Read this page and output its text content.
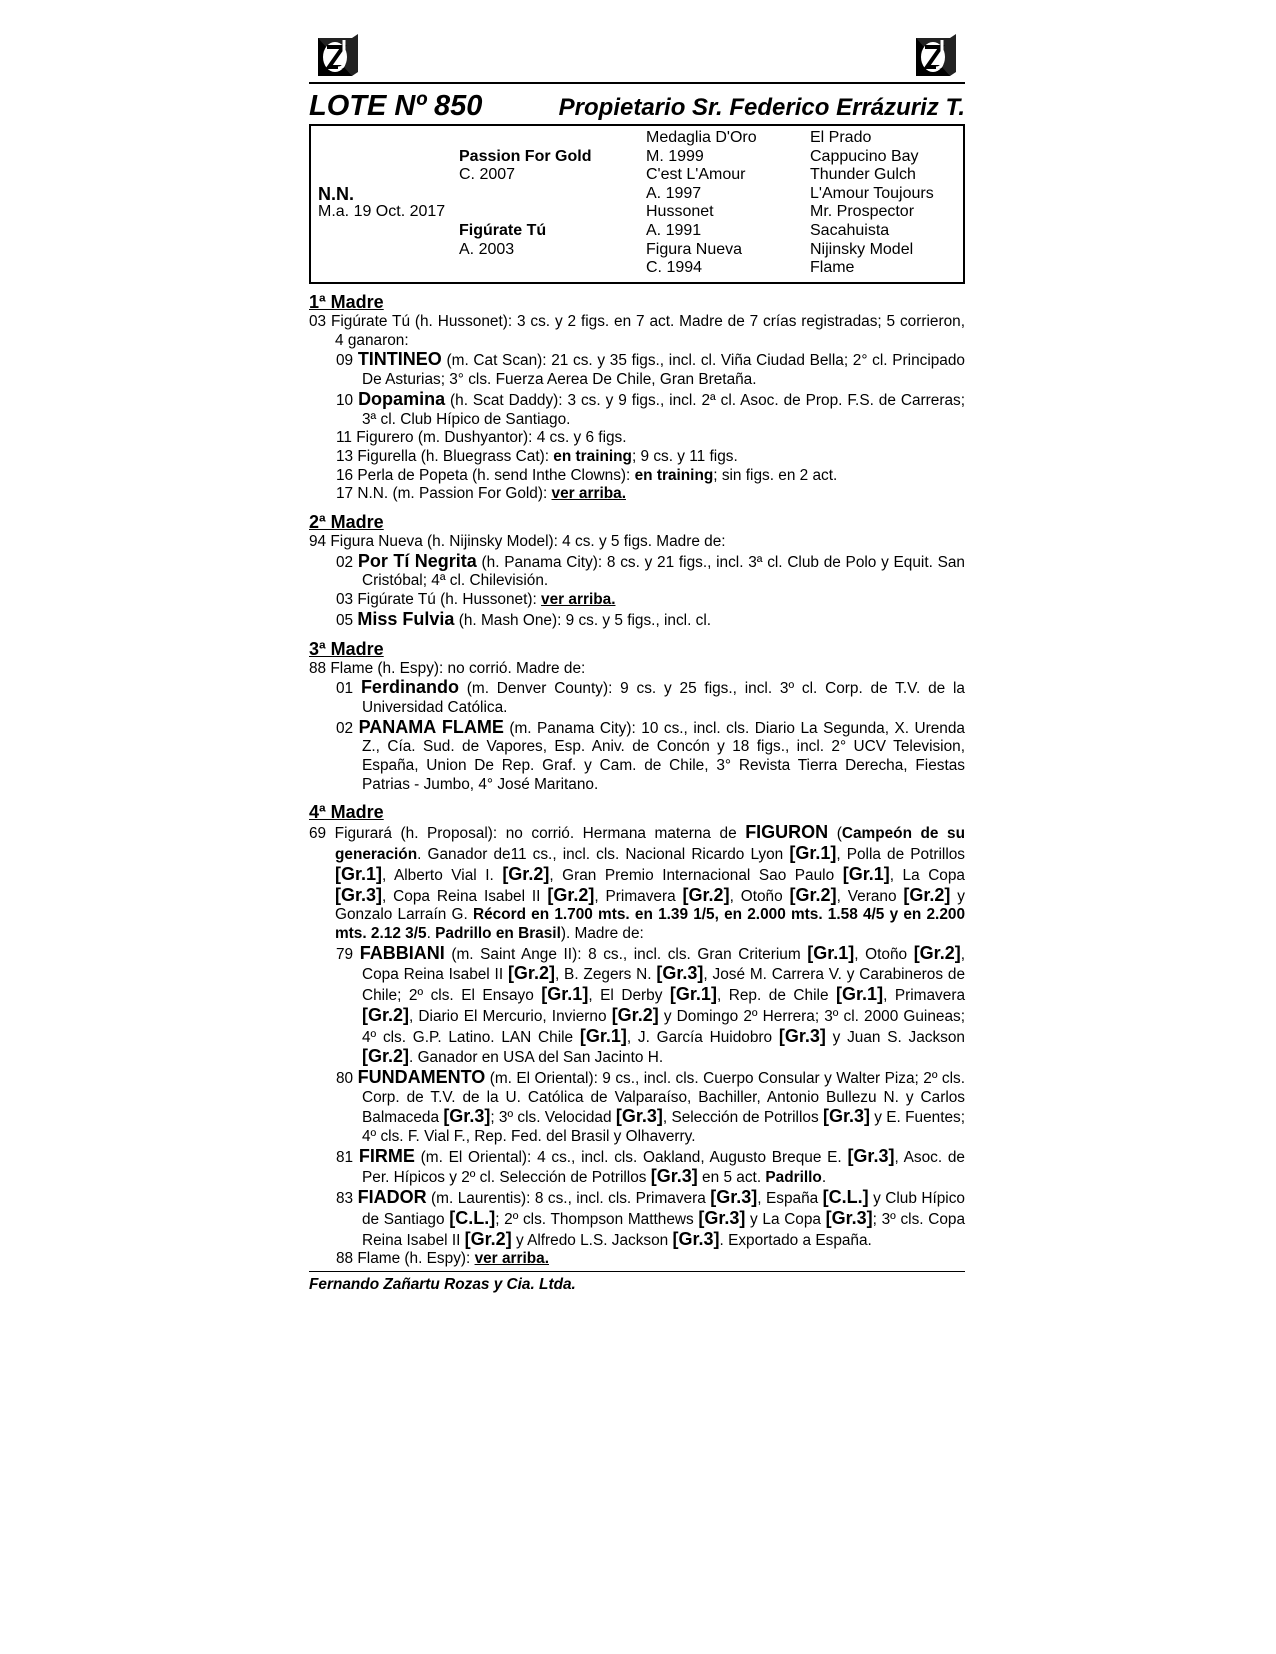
LOTE Nº 850	Propietario Sr. Federico Errázuriz T.
N.N.
M.a. 19 Oct. 2017
Passion For Gold
C. 2007
Figúrate Tú
A. 2003
Medaglia D'Oro
M. 1999
C'est L'Amour
A. 1997
Hussonet
A. 1991
Figura Nueva
C. 1994
El Prado
Cappucino Bay
Thunder Gulch
L'Amour Toujours
Mr. Prospector
Sacahuista
Nijinsky Model
Flame
1ª Madre
03 Figúrate Tú (h. Hussonet): 3 cs. y 2 figs. en 7 act. Madre de 7 crías registradas; 5 corrieron, 4 ganaron:
09 TINTINEO (m. Cat Scan): 21 cs. y 35 figs., incl. cl. Viña Ciudad Bella; 2° cl. Principado De Asturias; 3° cls. Fuerza Aerea De Chile, Gran Bretaña.
10 Dopamina (h. Scat Daddy): 3 cs. y 9 figs., incl. 2ª cl. Asoc. de Prop. F.S. de Carreras; 3ª cl. Club Hípico de Santiago.
11 Figurero (m. Dushyantor): 4 cs. y 6 figs.
13 Figurella (h. Bluegrass Cat): en training; 9 cs. y 11 figs.
16 Perla de Popeta (h. send Inthe Clowns): en training; sin figs. en 2 act.
17 N.N. (m. Passion For Gold): ver arriba.
2ª Madre
94 Figura Nueva (h. Nijinsky Model): 4 cs. y 5 figs. Madre de:
02 Por Tí Negrita (h. Panama City): 8 cs. y 21 figs., incl. 3ª cl. Club de Polo y Equit. San Cristóbal; 4ª cl. Chilevisión.
03 Figúrate Tú (h. Hussonet): ver arriba.
05 Miss Fulvia (h. Mash One): 9 cs. y 5 figs., incl. cl.
3ª Madre
88 Flame (h. Espy): no corrió. Madre de:
01 Ferdinando (m. Denver County): 9 cs. y 25 figs., incl. 3º cl. Corp. de T.V. de la Universidad Católica.
02 PANAMA FLAME (m. Panama City): 10 cs., incl. cls. Diario La Segunda, X. Urenda Z., Cía. Sud. de Vapores, Esp. Aniv. de Concón y 18 figs., incl. 2° UCV Television, España, Union De Rep. Graf. y Cam. de Chile, 3° Revista Tierra Derecha, Fiestas Patrias - Jumbo, 4° José Maritano.
4ª Madre
69 Figurará (h. Proposal): no corrió. Hermana materna de FIGURON (Campeón de su generación. Ganador de11 cs., incl. cls. Nacional Ricardo Lyon [Gr.1], Polla de Potrillos [Gr.1], Alberto Vial I. [Gr.2], Gran Premio Internacional Sao Paulo [Gr.1], La Copa [Gr.3], Copa Reina Isabel II [Gr.2], Primavera [Gr.2], Otoño [Gr.2], Verano [Gr.2] y Gonzalo Larraín G. Récord en 1.700 mts. en 1.39 1/5, en 2.000 mts. 1.58 4/5 y en 2.200 mts. 2.12 3/5. Padrillo en Brasil). Madre de:
79 FABBIANI (m. Saint Ange II): 8 cs., incl. cls. Gran Criterium [Gr.1], Otoño [Gr.2], Copa Reina Isabel II [Gr.2], B. Zegers N. [Gr.3], José M. Carrera V. y Carabineros de Chile; 2º cls. El Ensayo [Gr.1], El Derby [Gr.1], Rep. de Chile [Gr.1], Primavera [Gr.2], Diario El Mercurio, Invierno [Gr.2] y Domingo 2º Herrera; 3º cl. 2000 Guineas; 4º cls. G.P. Latino. LAN Chile [Gr.1], J. García Huidobro [Gr.3] y Juan S. Jackson [Gr.2]. Ganador en USA del San Jacinto H.
80 FUNDAMENTO (m. El Oriental): 9 cs., incl. cls. Cuerpo Consular y Walter Piza; 2º cls. Corp. de T.V. de la U. Católica de Valparaíso, Bachiller, Antonio Bullezu N. y Carlos Balmaceda [Gr.3]; 3º cls. Velocidad [Gr.3], Selección de Potrillos [Gr.3] y E. Fuentes; 4º cls. F. Vial F., Rep. Fed. del Brasil y Olhaverry.
81 FIRME (m. El Oriental): 4 cs., incl. cls. Oakland, Augusto Breque E. [Gr.3], Asoc. de Per. Hípicos y 2º cl. Selección de Potrillos [Gr.3] en 5 act. Padrillo.
83 FIADOR (m. Laurentis): 8 cs., incl. cls. Primavera [Gr.3], España [C.L.] y Club Hípico de Santiago [C.L.]; 2º cls. Thompson Matthews [Gr.3] y La Copa [Gr.3]; 3º cls. Copa Reina Isabel II [Gr.2] y Alfredo L.S. Jackson [Gr.3]. Exportado a España.
88 Flame (h. Espy): ver arriba.
Fernando Zañartu Rozas y Cia. Ltda.
